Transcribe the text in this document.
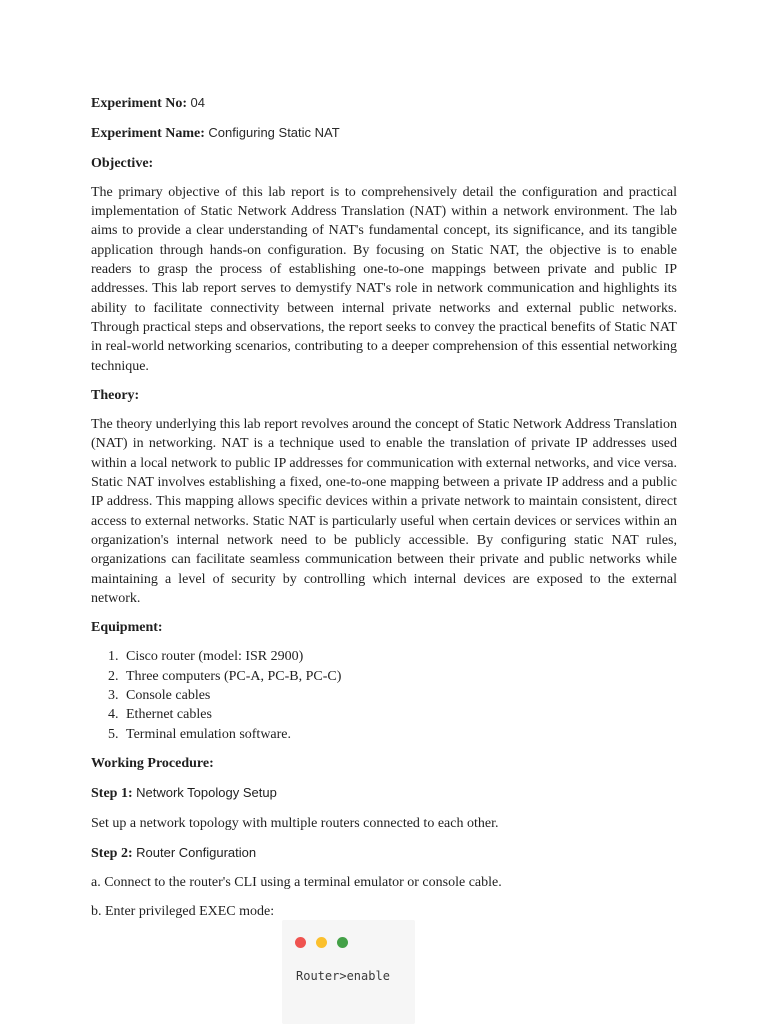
Experiment No: 04
Experiment Name: Configuring Static NAT
Objective:
The primary objective of this lab report is to comprehensively detail the configuration and practical implementation of Static Network Address Translation (NAT) within a network environment. The lab aims to provide a clear understanding of NAT's fundamental concept, its significance, and its tangible application through hands-on configuration. By focusing on Static NAT, the objective is to enable readers to grasp the process of establishing one-to-one mappings between private and public IP addresses. This lab report serves to demystify NAT's role in network communication and highlights its ability to facilitate connectivity between internal private networks and external public networks. Through practical steps and observations, the report seeks to convey the practical benefits of Static NAT in real-world networking scenarios, contributing to a deeper comprehension of this essential networking technique.
Theory:
The theory underlying this lab report revolves around the concept of Static Network Address Translation (NAT) in networking. NAT is a technique used to enable the translation of private IP addresses used within a local network to public IP addresses for communication with external networks, and vice versa. Static NAT involves establishing a fixed, one-to-one mapping between a private IP address and a public IP address. This mapping allows specific devices within a private network to maintain consistent, direct access to external networks. Static NAT is particularly useful when certain devices or services within an organization's internal network need to be publicly accessible. By configuring static NAT rules, organizations can facilitate seamless communication between their private and public networks while maintaining a level of security by controlling which internal devices are exposed to the external network.
Equipment:
1. Cisco router (model: ISR 2900)
2. Three computers (PC-A, PC-B, PC-C)
3. Console cables
4. Ethernet cables
5. Terminal emulation software.
Working Procedure:
Step 1: Network Topology Setup
Set up a network topology with multiple routers connected to each other.
Step 2: Router Configuration
a. Connect to the router's CLI using a terminal emulator or console cable.
b. Enter privileged EXEC mode:

Router>enable
